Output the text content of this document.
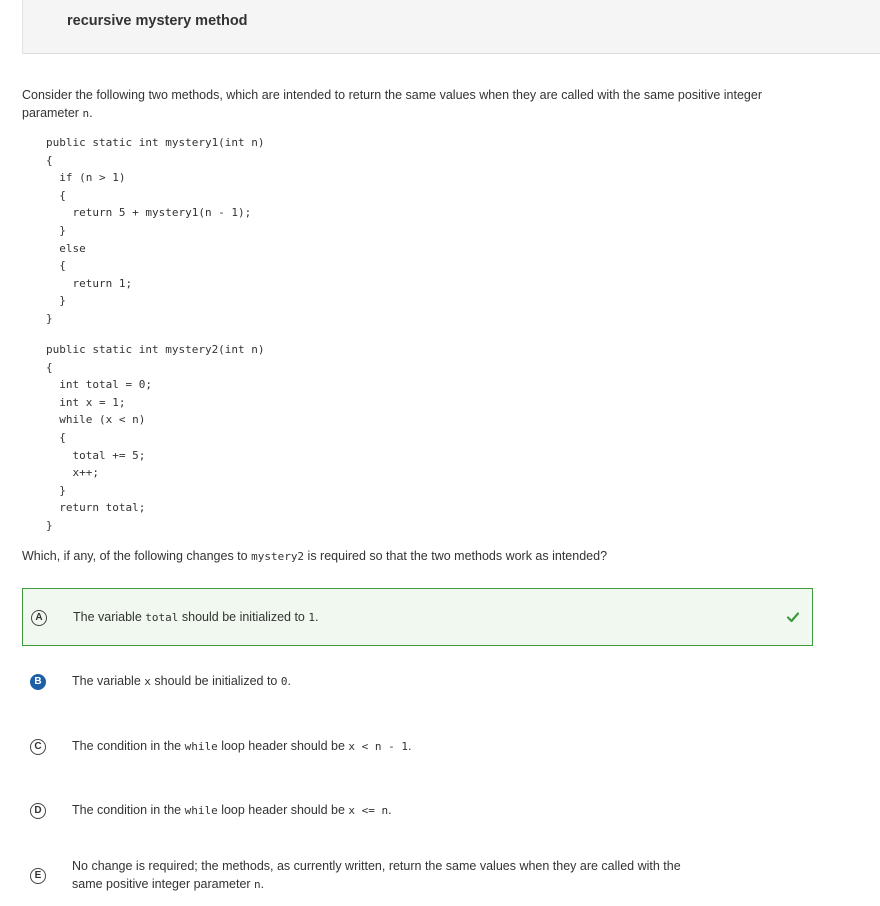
recursive mystery method
Consider the following two methods, which are intended to return the same values when they are called with the same positive integer parameter n.
public static int mystery1(int n)
{
if (n > 1)
{
return 5 + mystery1(n - 1);
}
else
{
return 1;
}
}
public static int mystery2(int n)
{
int total = 0;
int x = 1;
while (x < n)
{
total += 5;
x++;
}
return total;
}
Which, if any, of the following changes to mystery2 is required so that the two methods work as intended?
A	The variable total should be initialized to 1.
B	The variable x should be initialized to 0.
C	The condition in the while loop header should be x < n - 1.
D	The condition in the while loop header should be x <= n.
E
No change is required; the methods, as currently written, return the same values when they are called with the
same positive integer parameter n.
